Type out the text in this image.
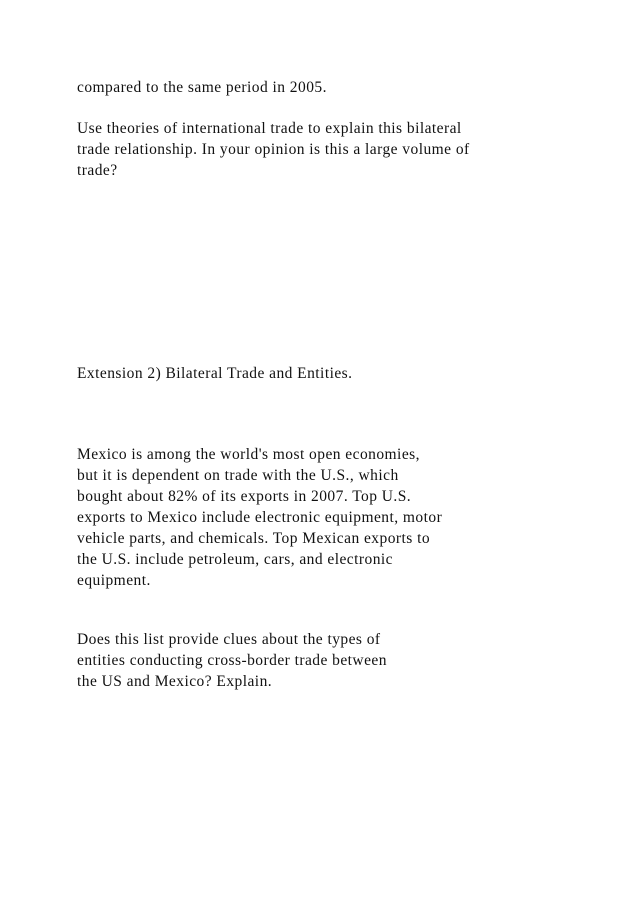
compared to the same period in 2005.
Use theories of international trade to explain this bilateral
trade relationship. In your opinion is this a large volume of
trade?
Extension 2) Bilateral Trade and Entities.
Mexico is among the world's most open economies,
but it is dependent on trade with the U.S., which
bought about 82% of its exports in 2007. Top U.S.
exports to Mexico include electronic equipment, motor
vehicle parts, and chemicals. Top Mexican exports to
the U.S. include petroleum, cars, and electronic
equipment.
Does this list provide clues about the types of
entities conducting cross-border trade between
the US and Mexico? Explain.
